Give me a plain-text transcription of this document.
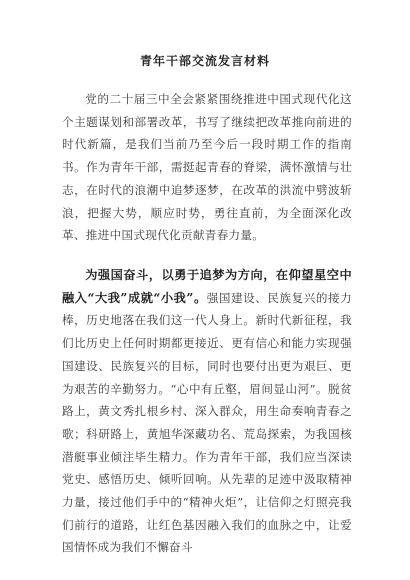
青年干部交流发言材料

党的二十届三中全会紧紧围绕推进中国式现代化这个主题谋划和部署改革，书写了继续把改革推向前进的时代新篇，是我们当前乃至今后一段时期工作的指南书。作为青年干部，需挺起青春的脊梁，满怀激情与壮志，在时代的浪潮中追梦逐梦，在改革的洪流中劈波斩浪，把握大势，顺应时势，勇往直前，为全面深化改革、推进中国式现代化贡献青春力量。

为强国奋斗，以勇于追梦为方向，在仰望星空中融入“大我”成就“小我”。强国建设、民族复兴的接力棒，历史地落在我们这一代人身上。新时代新征程，我们比历史上任何时期都更接近、更有信心和能力实现强国建设、民族复兴的目标，同时也要付出更为艰巨、更为艰苦的辛勤努力。“心中有丘壑，眉间显山河”。脱贫路上，黄文秀扎根乡村、深入群众，用生命奏响青春之歌；科研路上，黄旭华深藏功名、荒岛探索，为我国核潜艇事业倾注毕生精力。作为青年干部，我们应当深读党史、感悟历史、倾听回响。从先辈的足迹中汲取精神力量，接过他们手中的“精神火炬”，让信仰之灯照亮我们前行的道路，让红色基因融入我们的血脉之中，让爱国情怀成为我们不懈奋斗
